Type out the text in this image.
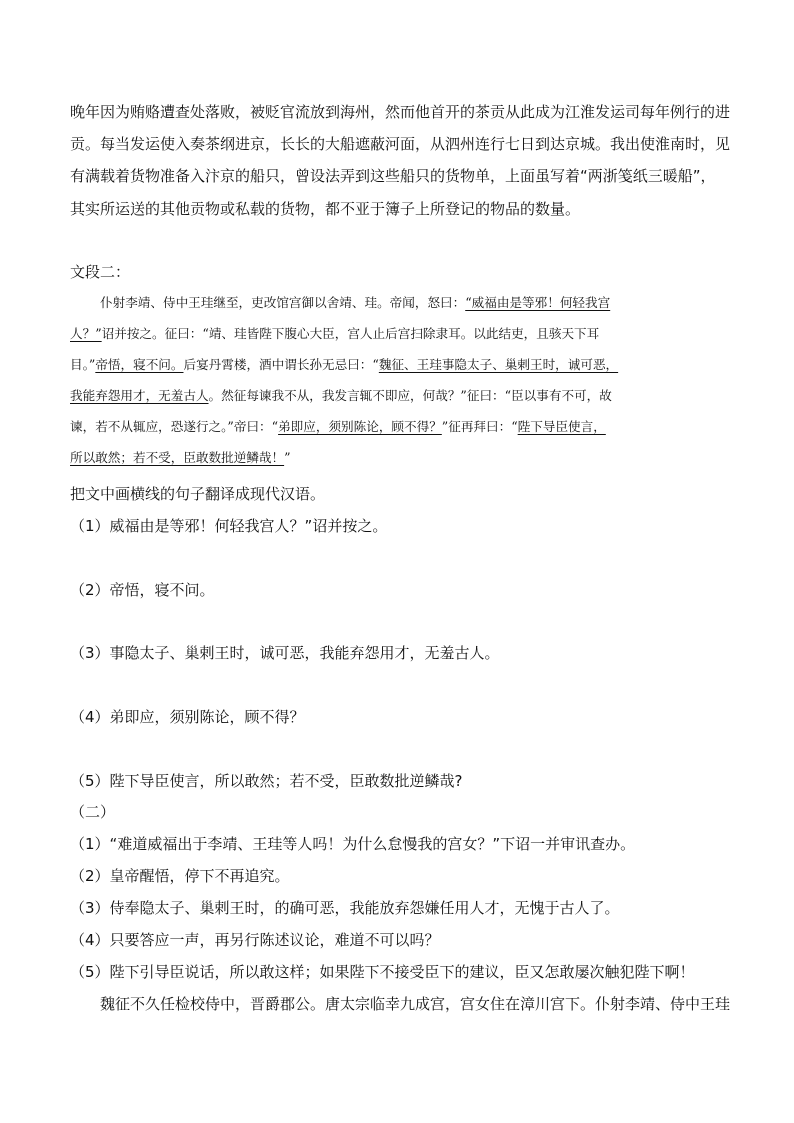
晚年因为贿赂遭查处落败，被贬官流放到海州，然而他首开的茶贡从此成为江淮发运司每年例行的进
贡。每当发运使入奏茶纲进京，长长的大船遮蔽河面，从泗州连行七日到达京城。我出使淮南时，见
有满载着货物准备入汴京的船只，曾设法弄到这些船只的货物单，上面虽写着“两浙笺纸三暖船”，
其实所运送的其他贡物或私载的货物，都不亚于簿子上所登记的物品的数量。
文段二：
仆射李靖、侍中王珪继至，吏改馆宫御以舍靖、珪。帝闻，怒曰：“威福由是等邪！何轻我宫
人？”诏并按之。征曰：“靖、珪皆陛下腹心大臣，宫人止后宫扫除隶耳。以此结吏，且骇天下耳
目。”帝悟，寝不问。后宴丹霄楼，酒中谓长孙无忌曰：“魏征、王珪事隐太子、巢剌王时，诚可恶，
我能弃怨用才，无羞古人。然征每谏我不从，我发言辄不即应，何哉？”征曰：“臣以事有不可，故
谏，若不从辄应，恐遂行之。”帝曰：“弟即应，须别陈论，顾不得？”征再拜曰：“陛下导臣使言，
所以敢然；若不受，臣敢数批逆鳞哉！”
把文中画横线的句子翻译成现代汉语。
（1）威福由是等邪！何轻我宫人？”诏并按之。
（2）帝悟，寝不问。
（3）事隐太子、巢剌王时，诚可恶，我能弃怨用才，无羞古人。
（4）弟即应，须别陈论，顾不得？
（5）陛下导臣使言，所以敢然；若不受，臣敢数批逆鳞哉?
（二）
（1）“难道威福出于李靖、王珪等人吗！为什么怠慢我的宫女？”下诏一并审讯查办。
（2）皇帝醒悟，停下不再追究。
（3）侍奉隐太子、巢剌王时，的确可恶，我能放弃怨嫌任用人才，无愧于古人了。
（4）只要答应一声，再另行陈述议论，难道不可以吗？
（5）陛下引导臣说话，所以敢这样；如果陛下不接受臣下的建议，臣又怎敢屡次触犯陛下啊！
魏征不久任检校侍中，晋爵郡公。唐太宗临幸九成宫，宫女住在漳川宫下。仆射李靖、侍中王珪
